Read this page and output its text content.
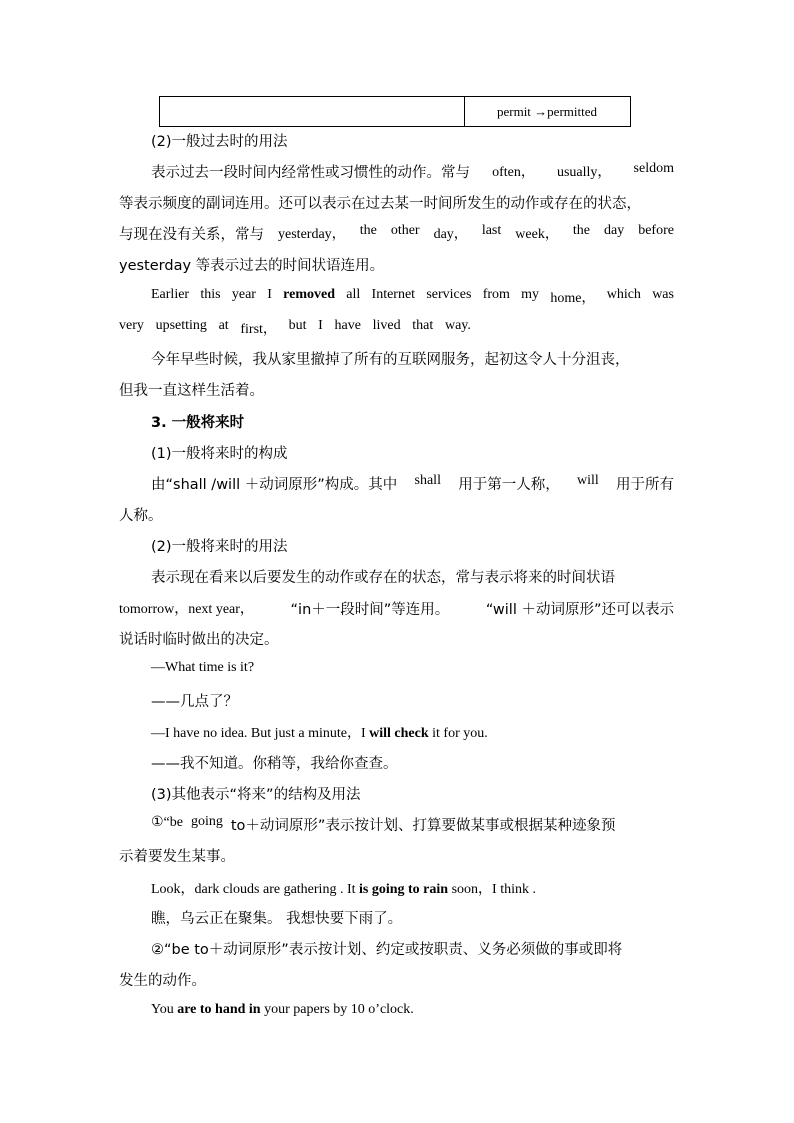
permit →permitted
(2)一般过去时的用法
表示过去一段时间内经常性或习惯性的动作。常与 often， usually， seldom
等表示频度的副词连用。还可以表示在过去某一时间所发生的动作或存在的状态，
与现在没有关系，常与 yesterday， the other day， last week， the day before
yesterday 等表示过去的时间状语连用。
Earlier this year I removed all Internet services from my home， which was
very upsetting at first， but I have lived that way.
今年早些时候，我从家里撤掉了所有的互联网服务，起初这令人十分沮丧，
但我一直这样生活着。
3. 一般将来时
(1)一般将来时的构成
由“shall /will ＋动词原形”构成。其中 shall 用于第一人称， will 用于所有
人称。
(2)一般将来时的用法
表示现在看来以后要发生的动作或存在的状态，常与表示将来的时间状语
tomorrow，next year，	“in＋一段时间”等连用。	“will ＋动词原形”还可以表示
说话时临时做出的决定。
—What time is it?
——几点了？
—I have no idea. But just a minute，I will check it for you.
——我不知道。你稍等，我给你查查。
(3)其他表示“将来”的结构及用法
①“be going to＋动词原形”表示按计划、打算要做某事或根据某种迹象预
示着要发生某事。
Look，dark clouds are gathering . It is going to rain soon，I think .
瞧，乌云正在聚集。 我想快要下雨了。
②“be to＋动词原形”表示按计划、约定或按职责、义务必须做的事或即将
发生的动作。
You are to hand in your papers by 10 o’clock.
